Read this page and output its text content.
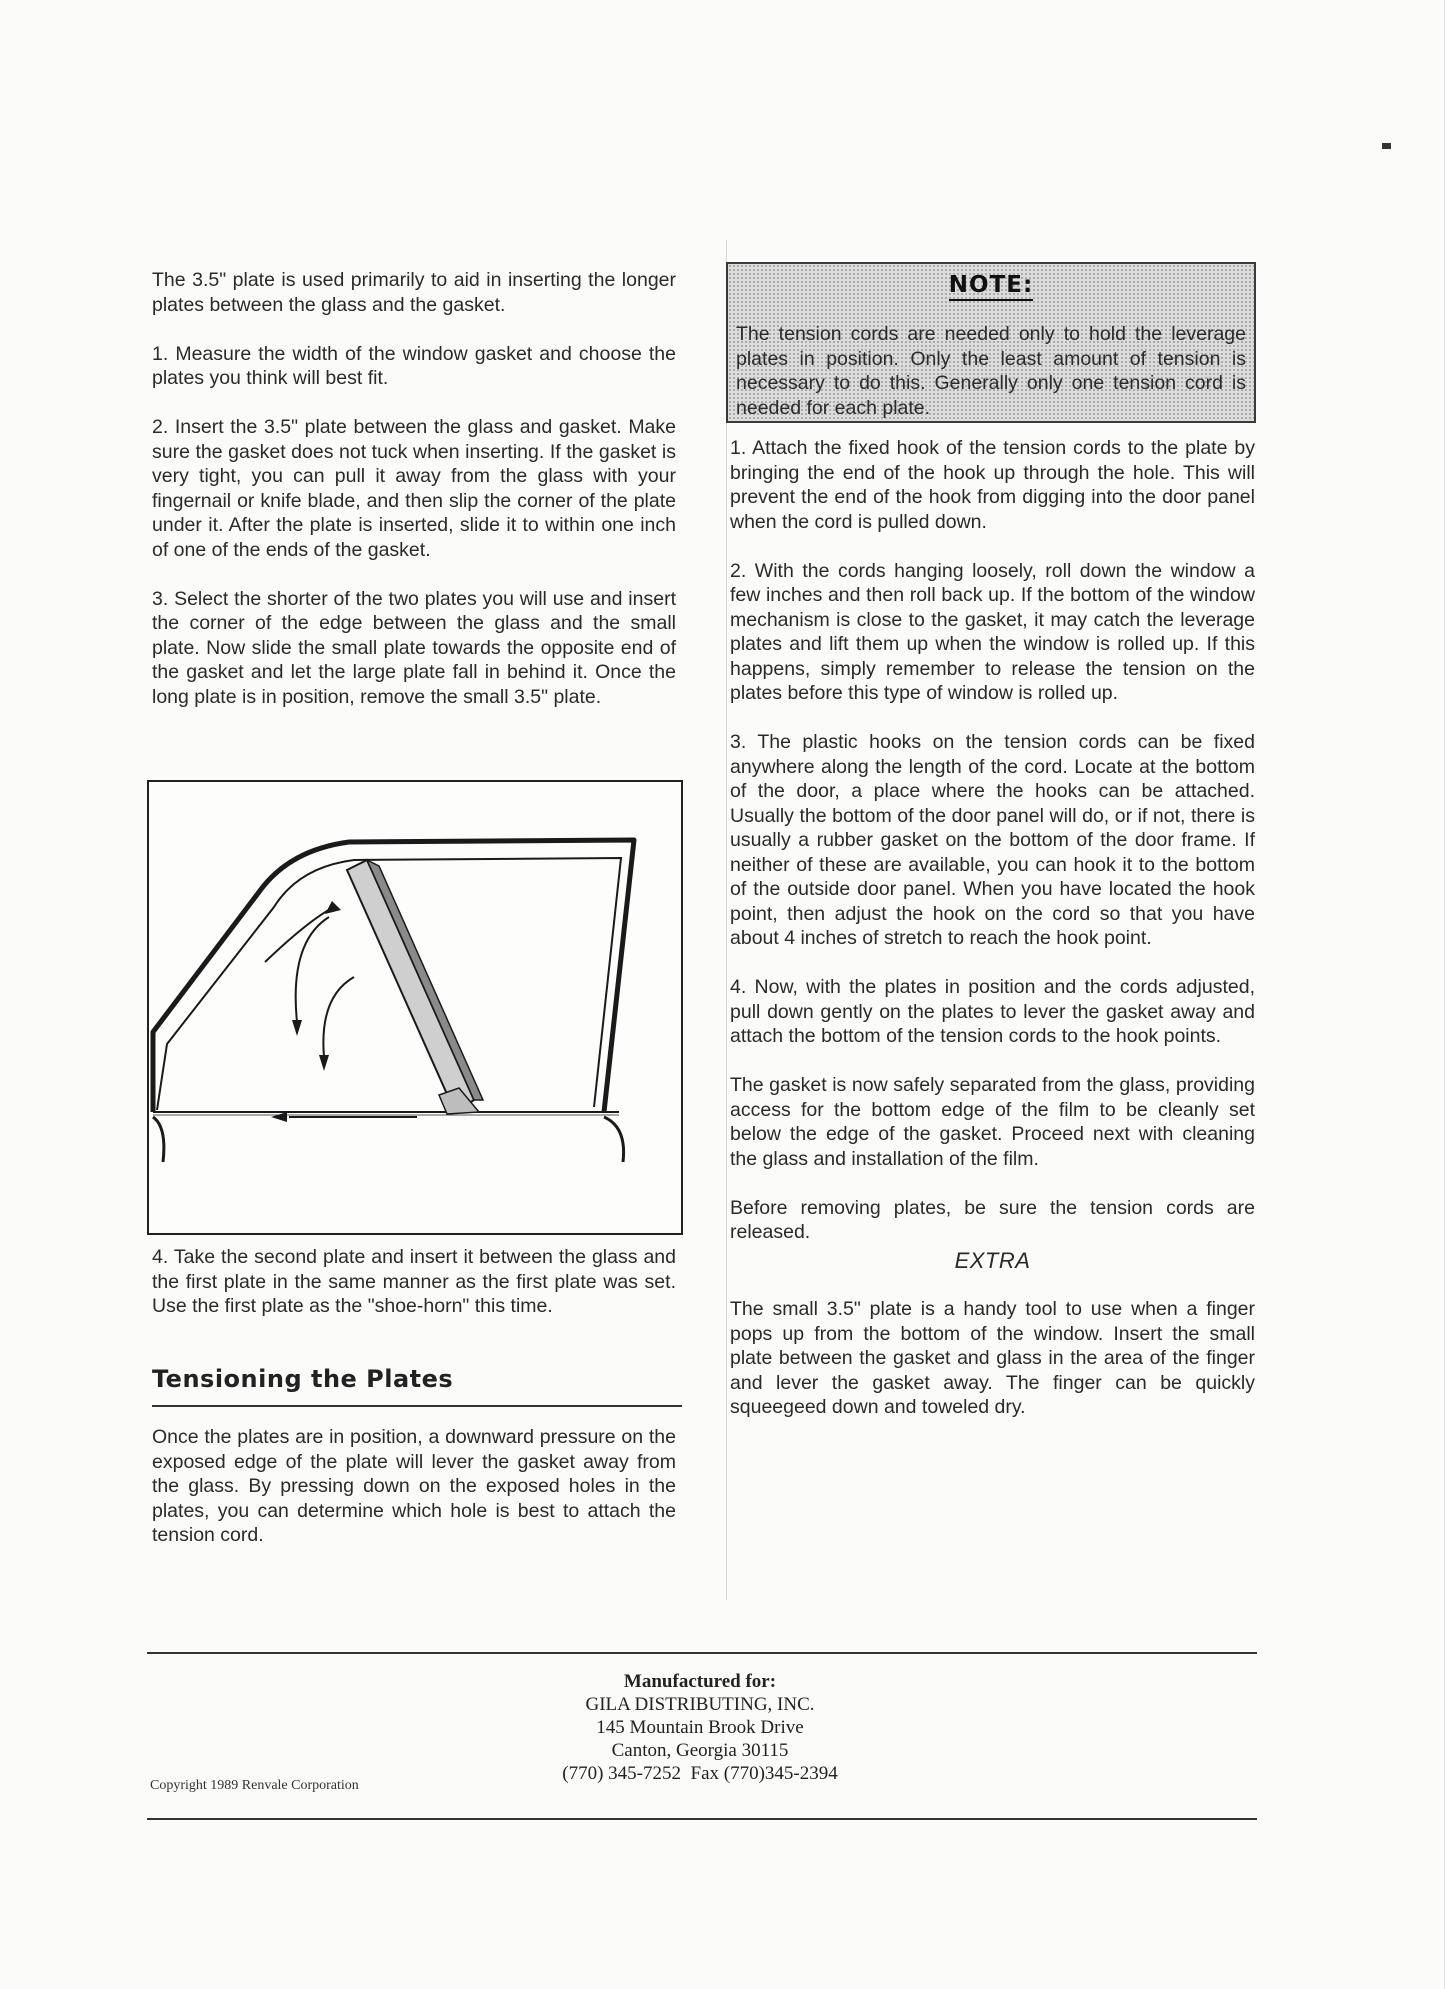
The 3.5" plate is used primarily to aid in inserting the longer plates between the glass and the gasket.

1. Measure the width of the window gasket and choose the plates you think will best fit.

2. Insert the 3.5" plate between the glass and gasket. Make sure the gasket does not tuck when inserting. If the gasket is very tight, you can pull it away from the glass with your fingernail or knife blade, and then slip the corner of the plate under it. After the plate is inserted, slide it to within one inch of one of the ends of the gasket.

3. Select the shorter of the two plates you will use and insert the corner of the edge between the glass and the small plate. Now slide the small plate towards the opposite end of the gasket and let the large plate fall in behind it. Once the long plate is in position, remove the small 3.5" plate.

4. Take the second plate and insert it between the glass and the first plate in the same manner as the first plate was set. Use the first plate as the "shoe-horn" this time.

Tensioning the Plates

Once the plates are in position, a downward pressure on the exposed edge of the plate will lever the gasket away from the glass. By pressing down on the exposed holes in the plates, you can determine which hole is best to attach the tension cord.

NOTE:
The tension cords are needed only to hold the leverage plates in position. Only the least amount of tension is necessary to do this. Generally only one tension cord is needed for each plate.

1. Attach the fixed hook of the tension cords to the plate by bringing the end of the hook up through the hole. This will prevent the end of the hook from digging into the door panel when the cord is pulled down.

2. With the cords hanging loosely, roll down the window a few inches and then roll back up. If the bottom of the window mechanism is close to the gasket, it may catch the leverage plates and lift them up when the window is rolled up. If this happens, simply remember to release the tension on the plates before this type of window is rolled up.

3. The plastic hooks on the tension cords can be fixed anywhere along the length of the cord. Locate at the bottom of the door, a place where the hooks can be attached. Usually the bottom of the door panel will do, or if not, there is usually a rubber gasket on the bottom of the door frame. If neither of these are available, you can hook it to the bottom of the outside door panel. When you have located the hook point, then adjust the hook on the cord so that you have about 4 inches of stretch to reach the hook point.

4. Now, with the plates in position and the cords adjusted, pull down gently on the plates to lever the gasket away and attach the bottom of the tension cords to the hook points.

The gasket is now safely separated from the glass, providing access for the bottom edge of the film to be cleanly set below the edge of the gasket. Proceed next with cleaning the glass and installation of the film.

Before removing plates, be sure the tension cords are released.

EXTRA

The small 3.5" plate is a handy tool to use when a finger pops up from the bottom of the window. Insert the small plate between the gasket and glass in the area of the finger and lever the gasket away. The finger can be quickly squeegeed down and toweled dry.

Manufactured for:
GILA DISTRIBUTING, INC.
145 Mountain Brook Drive
Canton, Georgia 30115
(770) 345-7252  Fax (770)345-2394
Copyright 1989 Renvale Corporation
